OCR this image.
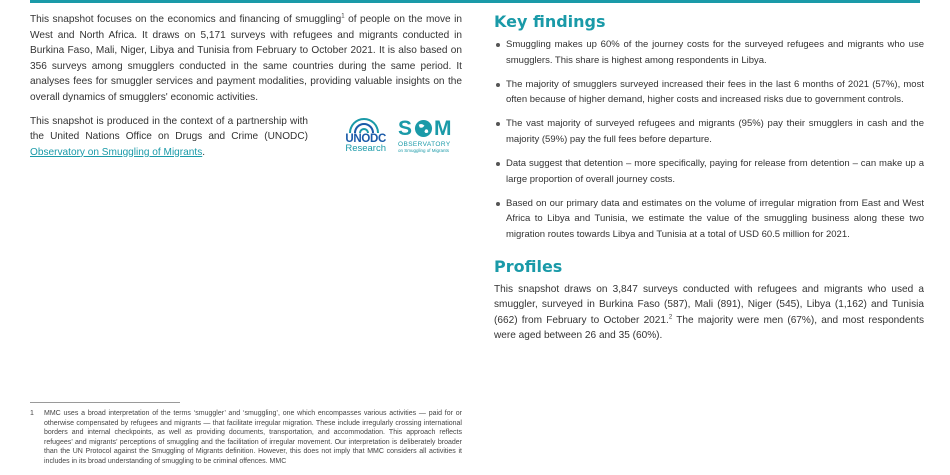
This snapshot focuses on the economics and financing of smuggling$^1$ of people on the move in West and North Africa. It draws on 5,171 surveys with refugees and migrants conducted in Burkina Faso, Mali, Niger, Libya and Tunisia from February to October 2021. It is also based on 356 surveys among smugglers conducted in the same countries during the same period. It analyses fees for smuggler services and payment modalities, providing valuable insights on the overall dynamics of smugglers' economic activities.

This snapshot is produced in the context of a partnership with the United Nations Office on Drugs and Crime (UNODC) Observatory on Smuggling of Migrants.

UNODC
Research
S M
OBSERVATORY
on Smuggling of Migrants
Key findings
Smuggling makes up 60% of the journey costs for the surveyed refugees and migrants who use smugglers. This share is highest among respondents in Libya.
The majority of smugglers surveyed increased their fees in the last 6 months of 2021 (57%), most often because of higher demand, higher costs and increased risks due to government controls.
The vast majority of surveyed refugees and migrants (95%) pay their smugglers in cash and the majority (59%) pay the full fees before departure.
Data suggest that detention – more specifically, paying for release from detention – can make up a large proportion of overall journey costs.
Based on our primary data and estimates on the volume of irregular migration from East and West Africa to Libya and Tunisia, we estimate the value of the smuggling business along these two migration routes towards Libya and Tunisia at a total of USD 60.5 million for 2021.
Profiles

This snapshot draws on 3,847 surveys conducted with refugees and migrants who used a smuggler, surveyed in Burkina Faso (587), Mali (891), Niger (545), Libya (1,162) and Tunisia (662) from February to October 2021.$^2$ The majority were men (67%), and most respondents were aged between 26 and 35 (60%).

1	MMC uses a broad interpretation of the terms ‘smuggler’ and ‘smuggling’, one which encompasses various activities — paid for or otherwise compensated by refugees and migrants — that facilitate irregular migration. These include irregularly crossing international borders and internal checkpoints, as well as providing documents, transportation, and accommodation. This approach reflects refugees’ and migrants’ perceptions of smuggling and the facilitation of irregular movement. Our interpretation is deliberately broader than the UN Protocol against the Smuggling of Migrants definition. However, this does not imply that MMC considers all activities it includes in its broad understanding of smuggling to be criminal offences. MMC
